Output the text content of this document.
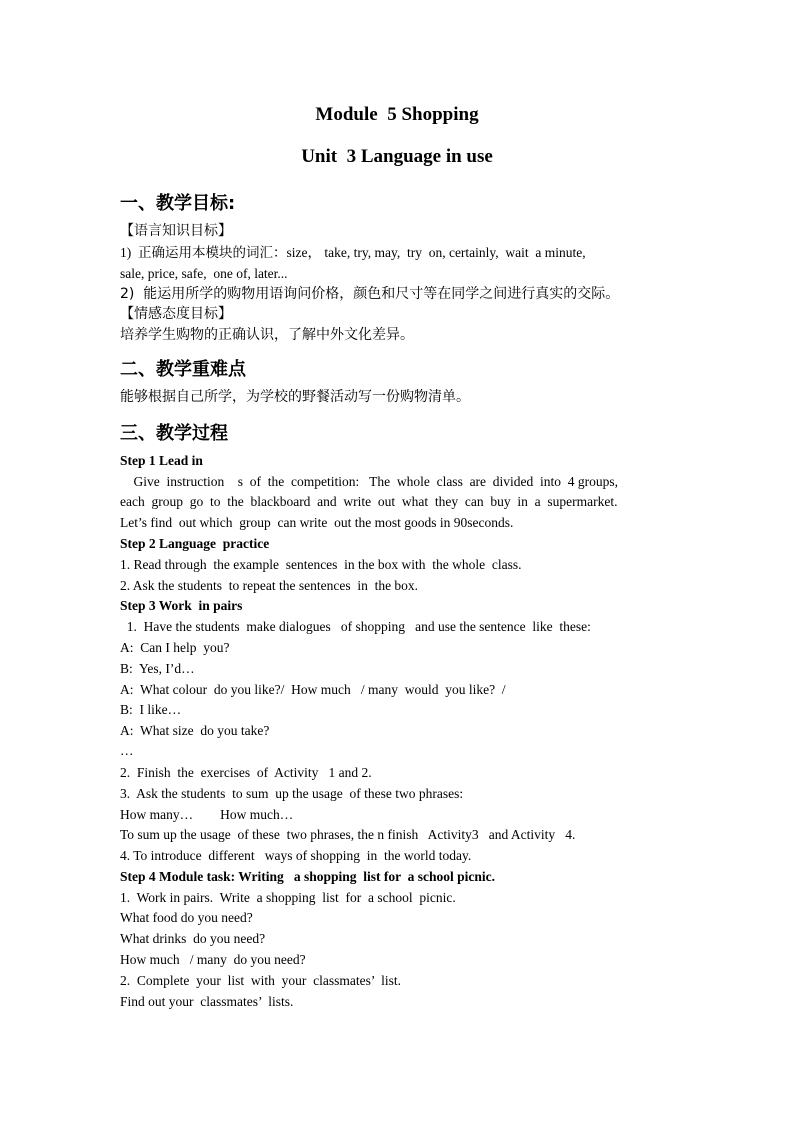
Module  5 Shopping
Unit  3 Language in use
一、教学目标:
【语言知识目标】
1)  正确运用本模块的词汇：size， take, try, may,  try  on, certainly,  wait  a minute,
sale, price, safe,  one of, later...
2)  能运用所学的购物用语询问价格，颜色和尺寸等在同学之间进行真实的交际。
【情感态度目标】
培养学生购物的正确认识，了解中外文化差异。
二、教学重难点
能够根据自己所学，为学校的野餐活动写一份购物清单。
三、教学过程
Step 1 Lead in
Give  instruction    s  of  the  competition:   The  whole  class  are  divided  into  4 groups,
each  group  go  to  the  blackboard  and  write  out  what  they  can  buy  in  a  supermarket.
Let’s find  out which  group  can write  out the most goods in 90seconds.
Step 2 Language  practice
1. Read through  the example  sentences  in the box with  the whole  class.
2. Ask the students  to repeat the sentences  in  the box.
Step 3 Work  in pairs
1.  Have the students  make dialogues   of shopping   and use the sentence  like  these:
A:  Can I help  you?
B:  Yes, I’d…
A:  What colour  do you like?/  How much   / many  would  you like?  /
B:  I like…
A:  What size  do you take?
…
2.  Finish  the  exercises  of  Activity   1 and 2.
3.  Ask the students  to sum  up the usage  of these two phrases:
How many…        How much…
To sum up the usage  of these  two phrases, the n finish   Activity3   and Activity   4.
4. To introduce  different   ways of shopping  in  the world today.
Step 4 Module task: Writing   a shopping  list for  a school picnic.
1.  Work in pairs.  Write  a shopping  list  for  a school  picnic.
What food do you need?
What drinks  do you need?
How much   / many  do you need?
2.  Complete  your  list  with  your  classmates’  list.
Find out your  classmates’  lists.
